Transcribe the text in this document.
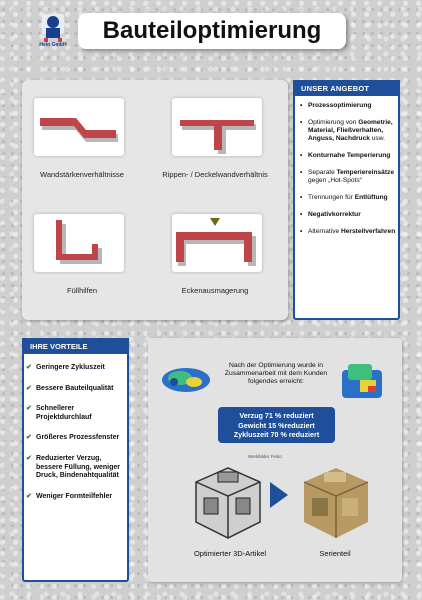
Hein GmbH
Bauteiloptimierung
Wandstärkenverhältnisse	Rippen- / Deckelwandverhältnis
Füllhilfen	Eckenausmagerung
UNSER ANGEBOT
• Prozessoptimierung
• Optimierung von Geometrie, Material, Fließverhalten, Anguss, Nachdruck usw.
• Konturnahe Temperierung
• Separate Temperiereinsätze gegen „Hot-Spots“
• Trennungen für Entlüftung
• Negativkorrektur
• Alternative Herstellverfahren
IHRE VORTEILE
✔ Geringere Zykluszeit
✔ Bessere Bauteilqualität
✔ Schnellerer Projektdurchlauf
✔ Größeres Prozessfenster
✔ Reduzierter Verzug, bessere Füllung, weniger Druck, Bindenahtqualität
✔ Weniger Formteilfehler
Nach der Optimierung wurde in Zusammenarbeit mit dem Kunden folgendes erreicht:
Verzug 71 % reduziert
Gewicht 15 %reduziert
Zykluszeit 70 % reduziert
Werkbilder Festo
Optimierter 3D-Artikel	Serienteil
